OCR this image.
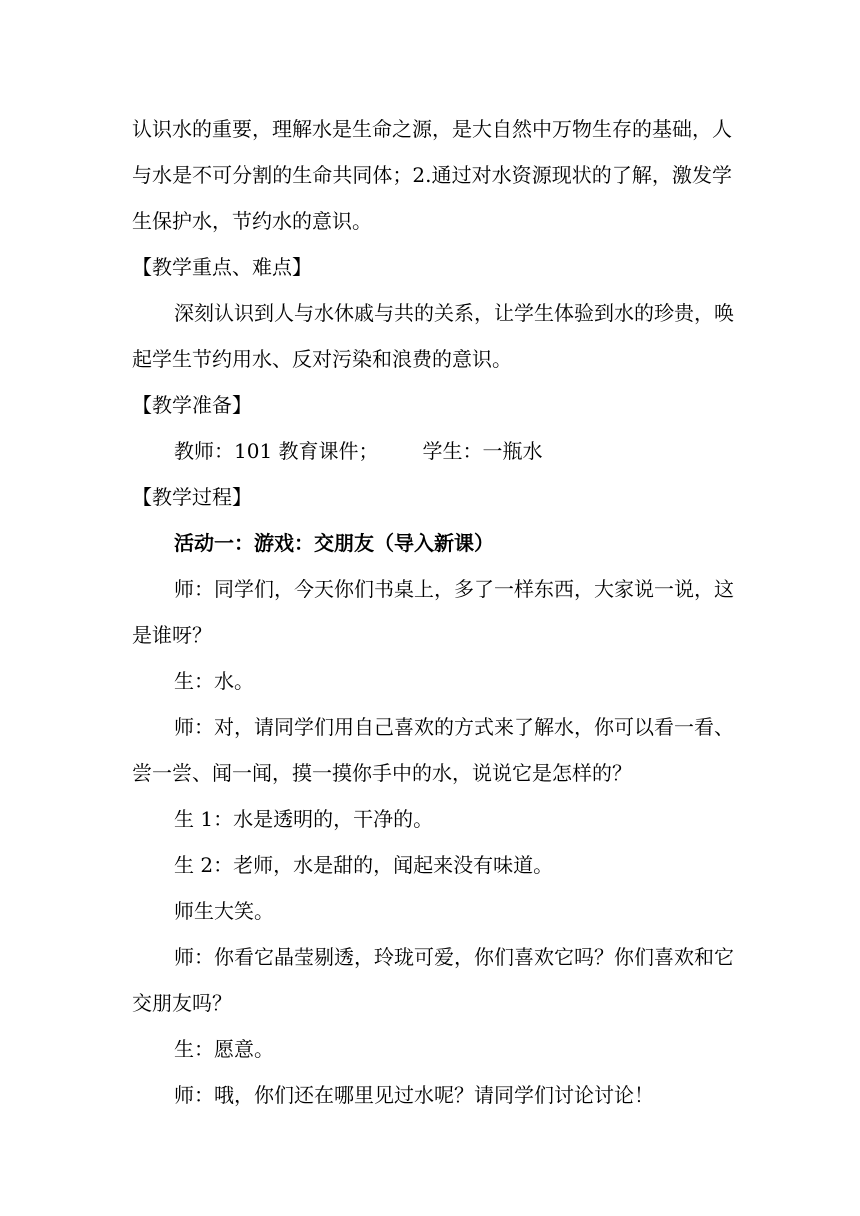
认识水的重要，理解水是生命之源，是大自然中万物生存的基础，人
与水是不可分割的生命共同体；2.通过对水资源现状的了解，激发学
生保护水，节约水的意识。
【教学重点、难点】
深刻认识到人与水休戚与共的关系，让学生体验到水的珍贵，唤
起学生节约用水、反对污染和浪费的意识。
【教学准备】
教师：101 教育课件； 学生：一瓶水
【教学过程】
活动一：游戏：交朋友（导入新课）
师：同学们，今天你们书桌上，多了一样东西，大家说一说，这
是谁呀？
生：水。
师：对，请同学们用自己喜欢的方式来了解水，你可以看一看、
尝一尝、闻一闻，摸一摸你手中的水，说说它是怎样的？
生 1：水是透明的，干净的。
生 2：老师，水是甜的，闻起来没有味道。
师生大笑。
师：你看它晶莹剔透，玲珑可爱，你们喜欢它吗？你们喜欢和它
交朋友吗？
生：愿意。
师：哦，你们还在哪里见过水呢？请同学们讨论讨论！
